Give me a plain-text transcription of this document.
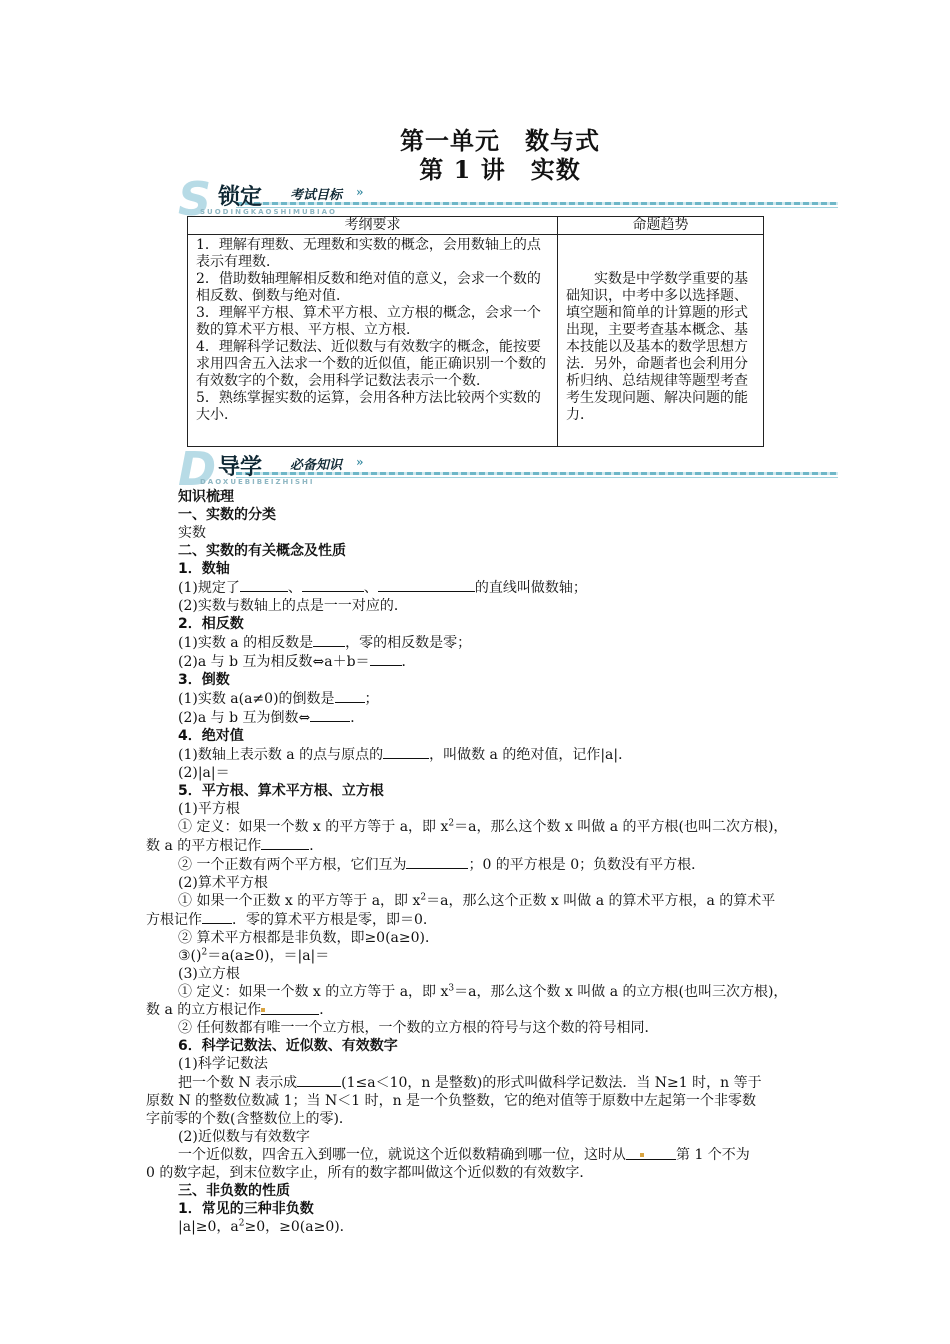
第一单元　数与式
第 1 讲　实数
S 锁定 考试目标 »
SUODINGKAOSHIMUBIAO
考纲要求	命题趋势

1．理解有理数、无理数和实数的概念，会用数轴上的点表示有理数．

2．借助数轴理解相反数和绝对值的意义，会求一个数的相反数、倒数与绝对值．

3．理解平方根、算术平方根、立方根的概念，会求一个数的算术平方根、平方根、立方根．

4．理解科学记数法、近似数与有效数字的概念，能按要求用四舍五入法求一个数的近似值，能正确识别一个数的有效数字的个数，会用科学记数法表示一个数．

5．熟练掌握实数的运算，会用各种方法比较两个实数的大小．	实数是中学数学重要的基础知识，中考中多以选择题、填空题和简单的计算题的形式出现，主要考查基本概念、基本技能以及基本的数学思想方法．另外，命题者也会利用分析归纳、总结规律等题型考查考生发现问题、解决问题的能力．
D 导学 必备知识 »
DAOXUEBIBEIZHISHI

知识梳理

一、实数的分类

实数

二、实数的有关概念及性质

1．数轴

(1)规定了	、	、	的直线叫做数轴；

(2)实数与数轴上的点是一一对应的．

2．相反数

(1)实数 a 的相反数是 ，零的相反数是零；

(2)a 与 b 互为相反数⇔a＋b＝ ．

3．倒数

(1)实数 a(a≠0)的倒数是 ；

(2)a 与 b 互为倒数⇔	．

4．绝对值

(1)数轴上表示数 a 的点与原点的	，叫做数 a 的绝对值，记作|a|．

(2)|a|＝

5．平方根、算术平方根、立方根

(1)平方根

① 定义：如果一个数 x 的平方等于 a，即 $x^2=a$，那么这个数 x 叫做 a 的平方根(也叫二次方根)，

数 a 的平方根记作	．

② 一个正数有两个平方根，它们互为	；0 的平方根是 0；负数没有平方根．

(2)算术平方根

① 如果一个正数 x 的平方等于 a，即 $x^2=a$，那么这个正数 x 叫做 a 的算术平方根，a 的算术平

方根记作 ．零的算术平方根是零，即＝0.

② 算术平方根都是非负数，即≥0(a≥0)．

③()$^2$＝a(a≥0)，＝|a|＝

(3)立方根

① 定义：如果一个数 x 的立方等于 a，即 $x^3=a$，那么这个数 x 叫做 a 的立方根(也叫三次方根)，

数 a 的立方根记作	．

② 任何数都有唯一一个立方根，一个数的立方根的符号与这个数的符号相同．

6．科学记数法、近似数、有效数字

(1)科学记数法

把一个数 N 表示成	(1≤a＜10，n 是整数)的形式叫做科学记数法．当 N≥1 时，n 等于

原数 N 的整数位数减 1；当 N＜1 时，n 是一个负整数，它的绝对值等于原数中左起第一个非零数

字前零的个数(含整数位上的零)．

(2)近似数与有效数字

一个近似数，四舍五入到哪一位，就说这个近似数精确到哪一位，这时从	第 1 个不为

0 的数字起，到末位数字止，所有的数字都叫做这个近似数的有效数字．

三、非负数的性质

1．常见的三种非负数

|a|≥0，$a^2\ge 0$，≥0(a≥0)．
